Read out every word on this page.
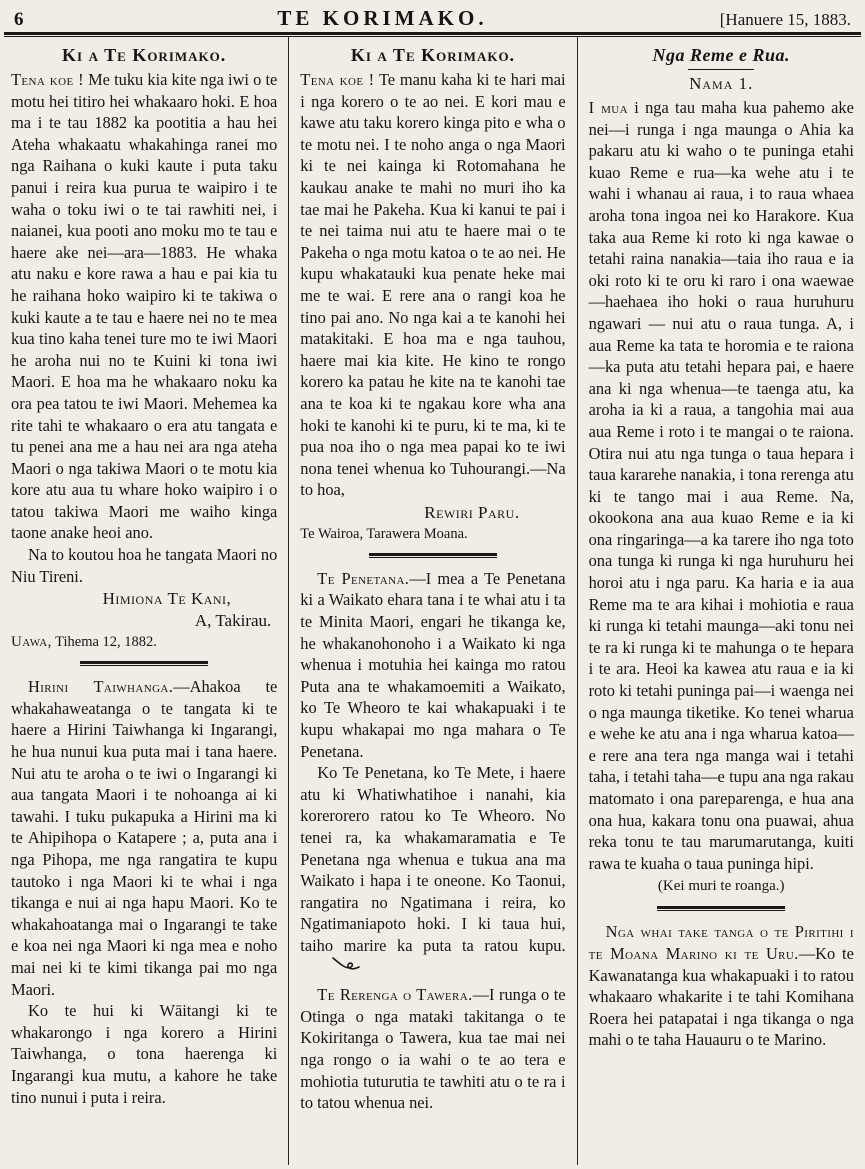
6	TE KORIMAKO.	[Hanuere 15, 1883.
Ki a Te Korimako.

Tena koe ! Me tuku kia kite nga iwi o te motu hei titiro hei whakaaro hoki. E hoa ma i te tau 1882 ka pootitia a hau hei Ateha whakaatu whakahinga ranei mo nga Raihana o kuki kaute i puta taku panui i reira kua purua te waipiro i te waha o toku iwi o te tai rawhiti nei, i naianei, kua pooti ano moku mo te tau e haere ake nei—ara—1883. He whaka atu naku e kore rawa a hau e pai kia tu he raihana hoko waipiro ki te takiwa o kuki kaute a te tau e haere nei no te mea kua tino kaha tenei ture mo te iwi Maori he aroha nui no te Kuini ki tona iwi Maori. E hoa ma he whakaaro noku ka ora pea tatou te iwi Maori. Mehemea ka rite tahi te whakaaro o era atu tangata e tu penei ana me a hau nei ara nga ateha Maori o nga takiwa Maori o te motu kia kore atu aua tu whare hoko waipiro i o tatou takiwa Maori me waiho kinga taone anake heoi ano.

Na to koutou hoa he tangata Maori no Niu Tireni.

Himiona Te Kani,
A, Takirau.
Uawa, Tihema 12, 1882.

Hirini Taiwhanga.—Ahakoa te whakahaweatanga o te tangata ki te haere a Hirini Taiwhanga ki Ingarangi, he hua nunui kua puta mai i tana haere. Nui atu te aroha o te iwi o Ingarangi ki aua tangata Maori i te nohoanga ai ki tawahi. I tuku pukapuka a Hirini ma ki te Ahipihopa o Katapere ; a, puta ana i nga Pihopa, me nga rangatira te kupu tautoko i nga Maori ki te whai i nga tikanga e nui ai nga hapu Maori. Ko te whakahoatanga mai o Ingarangi te take e koa nei nga Maori ki nga mea e noho mai nei ki te kimi tikanga pai mo nga Maori.

Ko te hui ki Wāitangi ki te whakarongo i nga korero a Hirini Taiwhanga, o tona haerenga ki Ingarangi kua mutu, a kahore he take tino nunui i puta i reira.

Ki a Te Korimako.

Tena koe ! Te manu kaha ki te hari mai i nga korero o te ao nei. E kori mau e kawe atu taku korero kinga pito e wha o te motu nei. I te noho anga o nga Maori ki te nei kainga ki Rotomahana he kaukau anake te mahi no muri iho ka tae mai he Pakeha. Kua ki kanui te pai i te nei taima nui atu te haere mai o te Pakeha o nga motu katoa o te ao nei. He kupu whakatauki kua penate heke mai me te wai. E rere ana o rangi koa he tino pai ano. No nga kai a te kanohi hei matakitaki. E hoa ma e nga tauhou, haere mai kia kite. He kino te rongo korero ka patau he kite na te kanohi tae ana te koa ki te ngakau kore wha ana hoki te kanohi ki te puru, ki te ma, ki te pua noa iho o nga mea papai ko te iwi nona tenei whenua ko Tuhourangi.—Na to hoa,

Rewiri Paru.
Te Wairoa, Tarawera Moana.

Te Penetana.—I mea a Te Penetana ki a Waikato ehara tana i te whai atu i ta te Minita Maori, engari he tikanga ke, he whakanohonoho i a Waikato ki nga whenua i motuhia hei kainga mo ratou Puta ana te whakamoemiti a Waikato, ko Te Wheoro te kai whakapuaki i te kupu whakapai mo nga mahara o Te Penetana.

Ko Te Penetana, ko Te Mete, i haere atu ki Whatiwhatihoe i nanahi, kia korerorero ratou ko Te Wheoro. No tenei ra, ka whakamaramatia e Te Penetana nga whenua e tukua ana ma Waikato i hapa i te oneone. Ko Taonui, rangatira no Ngatimana i reira, ko Ngatimaniapoto hoki. I ki taua hui, taiho marire ka puta ta ratou kupu.

Te Rerenga o Tawera.—I runga o te Otinga o nga mataki takitanga o te Kokiritanga o Tawera, kua tae mai nei nga rongo o ia wahi o te ao tera e mohiotia tuturutia te tawhiti atu o te ra i to tatou whenua nei.

Nga Reme e Rua.
Nama 1.

I mua i nga tau maha kua pahemo ake nei—i runga i nga maunga o Ahia ka pakaru atu ki waho o te puninga etahi kuao Reme e rua—ka wehe atu i te wahi i whanau ai raua, i to raua whaea aroha tona ingoa nei ko Harakore. Kua taka aua Reme ki roto ki nga kawae o tetahi raina nanakia—taia iho raua e ia oki roto ki te oru ki raro i ona waewae—haehaea iho hoki o raua huruhuru ngawari — nui atu o raua tunga. A, i aua Reme ka tata te horomia e te raiona—ka puta atu tetahi hepara pai, e haere ana ki nga whenua—te taenga atu, ka aroha ia ki a raua, a tangohia mai aua aua Reme i roto i te mangai o te raiona. Otira nui atu nga tunga o taua hepara i taua kararehe nanakia, i tona rerenga atu ki te tango mai i aua Reme. Na, okookona ana aua kuao Reme e ia ki ona ringaringa—a ka tarere iho nga toto ona tunga ki runga ki nga huruhuru hei horoi atu i nga paru. Ka haria e ia aua Reme ma te ara kihai i mohiotia e raua ki runga ki tetahi maunga—aki tonu nei te ra ki runga ki te mahunga o te hepara i te ara. Heoi ka kawea atu raua e ia ki roto ki tetahi puninga pai—i waenga nei o nga maunga tiketike. Ko tenei wharua e wehe ke atu ana i nga wharua katoa—e rere ana tera nga manga wai i tetahi taha, i tetahi taha—e tupu ana nga rakau matomato i ona pareparenga, e hua ana ona hua, kakara tonu ona puawai, ahua reka tonu te tau marumarutanga, kuiti rawa te kuaha o taua puninga hipi.

(Kei muri te roanga.)

Nga whai take tanga o te Piritihi i te Moana Marino ki te Uru.—Ko te Kawanatanga kua whakapuaki i to ratou whakaaro whakarite i te tahi Komihana Roera hei patapatai i nga tikanga o nga mahi o te taha Hauauru o te Marino.
